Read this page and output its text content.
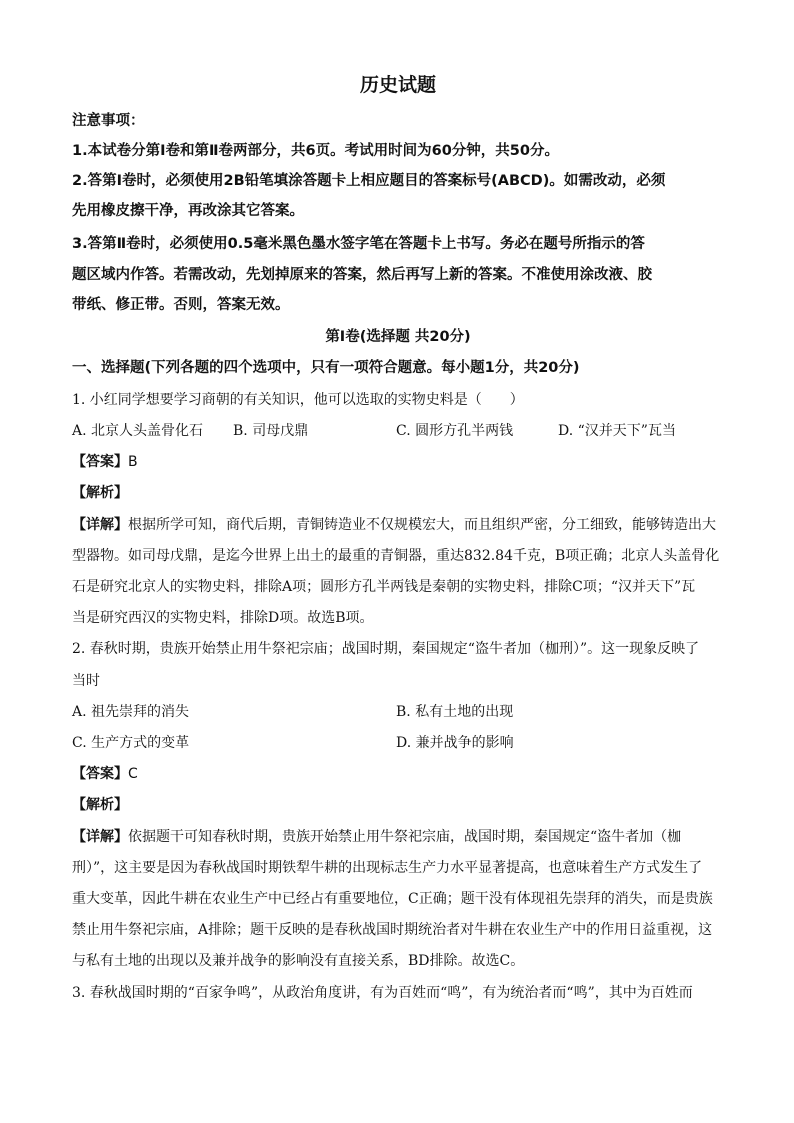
历史试题
注意事项：
1.本试卷分第Ⅰ卷和第Ⅱ卷两部分，共6页。考试用时间为60分钟，共50分。
2.答第Ⅰ卷时，必须使用2B铅笔填涂答题卡上相应题目的答案标号(ABCD)。如需改动，必须
先用橡皮擦干净，再改涂其它答案。
3.答第Ⅱ卷时，必须使用0.5毫米黑色墨水签字笔在答题卡上书写。务必在题号所指示的答
题区域内作答。若需改动，先划掉原来的答案，然后再写上新的答案。不准使用涂改液、胶
带纸、修正带。否则，答案无效。
第Ⅰ卷(选择题 共20分)
一、选择题(下列各题的四个选项中，只有一项符合题意。每小题1分，共20分)
1. 小红同学想要学习商朝的有关知识，他可以选取的实物史料是（　　）
A. 北京人头盖骨化石 B. 司母戊鼎	C. 圆形方孔半两钱	D. “汉并天下”瓦当
【答案】B
【解析】
【详解】根据所学可知，商代后期，青铜铸造业不仅规模宏大，而且组织严密，分工细致，能够铸造出大
型器物。如司母戊鼎，是迄今世界上出土的最重的青铜器，重达832.84千克，B项正确；北京人头盖骨化
石是研究北京人的实物史料，排除A项；圆形方孔半两钱是秦朝的实物史料，排除C项；“汉并天下”瓦
当是研究西汉的实物史料，排除D项。故选B项。
2. 春秋时期，贵族开始禁止用牛祭祀宗庙；战国时期，秦国规定“盗牛者加（枷刑）”。这一现象反映了
当时
A. 祖先崇拜的消失	B. 私有土地的出现
C. 生产方式的变革	D. 兼并战争的影响
【答案】C
【解析】
【详解】依据题干可知春秋时期，贵族开始禁止用牛祭祀宗庙，战国时期，秦国规定“盗牛者加（枷
刑）”，这主要是因为春秋战国时期铁犁牛耕的出现标志生产力水平显著提高，也意味着生产方式发生了
重大变革，因此牛耕在农业生产中已经占有重要地位，C正确；题干没有体现祖先崇拜的消失，而是贵族
禁止用牛祭祀宗庙，A排除；题干反映的是春秋战国时期统治者对牛耕在农业生产中的作用日益重视，这
与私有土地的出现以及兼并战争的影响没有直接关系，BD排除。故选C。
3. 春秋战国时期的“百家争鸣”，从政治角度讲，有为百姓而“鸣”，有为统治者而“鸣”，其中为百姓而
